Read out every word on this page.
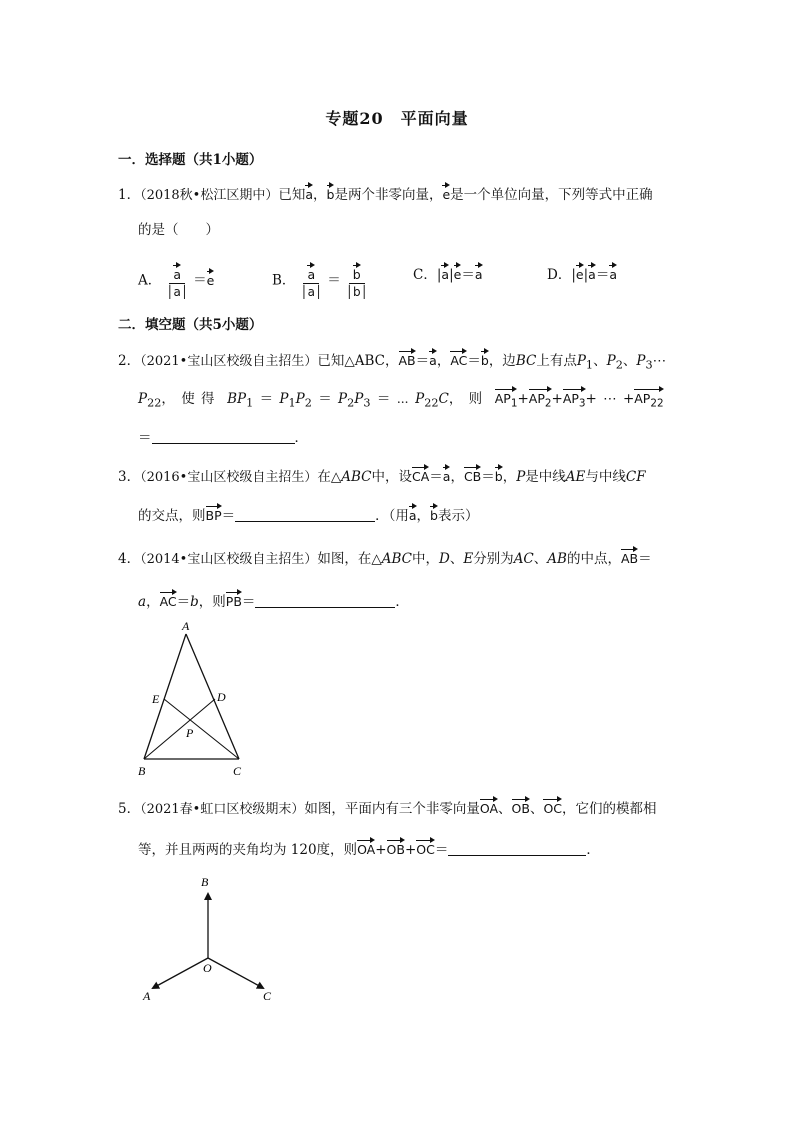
专题20　平面向量
一．选择题（共1小题）
1．（2018秋•松江区期中）已知a，b是两个非零向量，e是一个单位向量，下列等式中正确
的是（　　）
A． $\frac{a}{│a│} =e$	B． $\frac{a}{│a│} = \frac{b}{│b│}$	C．|a|e＝a	D．|e|a＝a
二．填空题（共5小题）
2．（2021•宝山区校级自主招生）已知△ABC，AB＝a，AC＝b，边BC上有点$P_1$、$P_2$、$P_3\cdots$
$P_{22}$， 使 得 $BP_1 = P_1P_2 = P_2P_3$ ＝ ⋯ $P_{22}C$， 则 $AP_1+AP_2+AP_3+$ ⋯ $+AP_{22}$
＝	．
3．（2016•宝山区校级自主招生）在△ABC中，设CA＝a，CB＝b，P是中线AE与中线CF
的交点，则BP＝	．（用a，b表示）
4．（2014•宝山区校级自主招生）如图，在△ABC中，D、E分别为AC、AB的中点，AB＝
a，AC＝b，则PB＝	．
A
E	D
P
B	C
5．（2021春•虹口区校级期末）如图，平面内有三个非零向量OA、OB、OC，它们的模都相
等，并且两两的夹角均为 120度，则OA+OB+OC＝	．
B
O
A	C
